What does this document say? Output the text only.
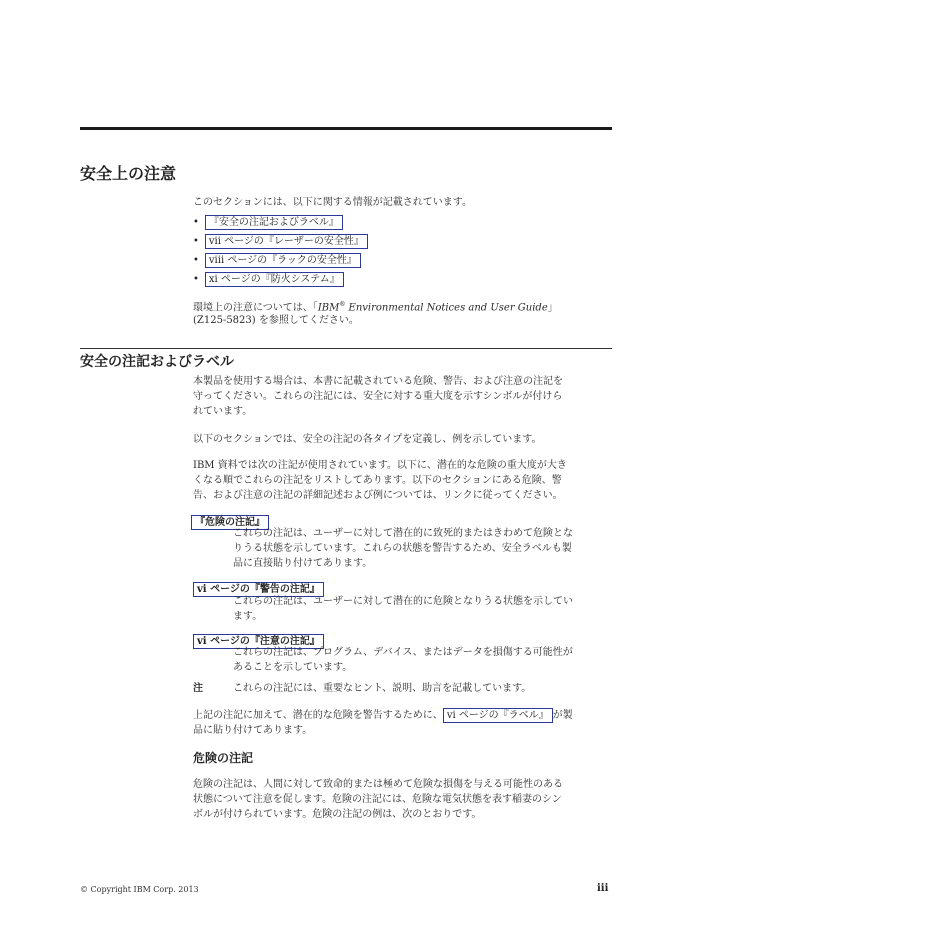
安全上の注意
このセクションには、以下に関する情報が記載されています。
•	『安全の注記およびラベル』
•	vii ページの『レーザーの安全性』
•	viii ページの『ラックの安全性』
•	xi ページの『防火システム』
環境上の注意については、「IBM® Environmental Notices and User Guide」
(Z125-5823) を参照してください。
安全の注記およびラベル
本製品を使用する場合は、本書に記載されている危険、警告、および注意の注記を
守ってください。これらの注記には、安全に対する重大度を示すシンボルが付けら
れています。
以下のセクションでは、安全の注記の各タイプを定義し、例を示しています。
IBM 資料では次の注記が使用されています。以下に、潜在的な危険の重大度が大き
くなる順でこれらの注記をリストしてあります。以下のセクションにある危険、警
告、および注意の注記の詳細記述および例については、リンクに従ってください。
『危険の注記』
これらの注記は、ユーザーに対して潜在的に致死的またはきわめて危険とな
りうる状態を示しています。これらの状態を警告するため、安全ラベルも製
品に直接貼り付けてあります。
vi ページの『警告の注記』
これらの注記は、ユーザーに対して潜在的に危険となりうる状態を示してい
ます。
vi ページの『注意の注記』
これらの注記は、プログラム、デバイス、またはデータを損傷する可能性が
あることを示しています。
注	これらの注記には、重要なヒント、説明、助言を記載しています。
上記の注記に加えて、潜在的な危険を警告するために、 vi ページの『ラベル』 が製
品に貼り付けてあります。
危険の注記
危険の注記は、人間に対して致命的または極めて危険な損傷を与える可能性のある
状態について注意を促します。危険の注記には、危険な電気状態を表す稲妻のシン
ボルが付けられています。危険の注記の例は、次のとおりです。
© Copyright IBM Corp. 2013	iii
